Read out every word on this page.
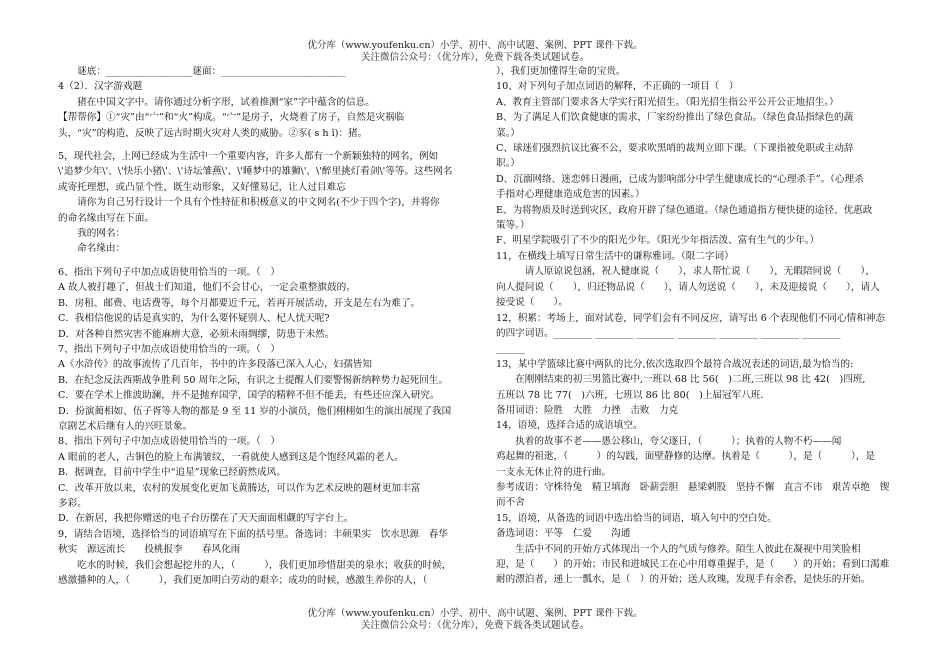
优分库（www.youfenku.cn）小学、初中、高中试题、案例、PPT 课件下载。
关注微信公众号：（优分库），免费下载各类试题试卷。

　　谜底：__________________谜面：__________________________

4（2）．汉字游戏题

　　猪在中国文字中。请你通过分析字形，试着推测“家”字中蕴含的信息。

【帮帮你】①“灾”由“宀”和“火”构成。“宀”是房子，火烧着了房子，自然是灾祸临

头，“灾”的构造，反映了远古时期火灾对人类的威胁。②豕( s h ǐ)：猪。

5，现代社会，上网已经成为生活中一个重要内容，许多人都有一个新颖独特的网名，例如

\'追梦少年\'、\'快乐小猪\'、\'诗坛雏燕\'、\'睡梦中的雄狮\'、\'醉里挑灯看剑\'等等。这些网名

或寄托理想，或凸显个性，既生动形象，又好懂易记，让人过目难忘

　　请你为自己另行设计一个具有个性特征和积极意义的中文网名(不少于四个字)，并将你

的命名缘由写在下面。

　　我的网名：

　　命名缘由：

6、指出下列句子中加点成语使用恰当的一项。（　）

A 故人被打趣了，但战士们知道，他们不会甘心，一定会重整旗鼓的。

B．房租、邮费、电话费等，每个月都要近千元，若再开展活动，开支是左右为难了。

C．我相信他说的话是真实的，为什么要怀疑别人、杞人忧天呢?

D．对各种自然灾害不能麻痹大意，必须未雨绸缪，防患于未然。

7、指出下列句子中加点成语使用恰当的一项。（　）

A《水浒传》的故事流传了几百年，书中的许多段落已深入人心，妇孺皆知

B．在纪念反法西斯战争胜利 50 周年之际，有识之士提醒人们要警惕新纳粹势力起死回生。

C．要在学术上推波助澜，并不是抛弃国学，国学的精粹不但不能丢，有些还应深入研究。

D．扮演蔺相如、伍子胥等人物的都是 9 至 11 岁的小演员，他们栩栩如生的演出展现了我国

京剧艺术后继有人的兴旺景象。

8、指出下列句子中加点成语使用恰当的一项。（　）

A 眼前的老人，古铜色的脸上布满皱纹，一看就使人感到这是个饱经风霜的老人。

B．据调查，目前中学生中“追星”现象已经蔚然成风。

C．改革开放以来，农村的发展变化更加飞黄腾达，可以作为艺术反映的题材更加丰富

多彩。

D．在新居，我把你赠送的电子台历摆在了天天面面相觑的写字台上。

9，请结合语境，选择恰当的词语填写在下面的括号里。备选词：丰硕果实　饮水思源　春华

秋实　源远流长　　投桃报李　　春风化雨

　　吃水的时候，我们会想起挖井的人，（　　　），我们更加珍惜甜美的泉水；收获的时候，

感激播种的人，（　　　），我们更加明白劳动的艰辛；成功的时候，感激生养你的人，（　　

），我们更加懂得生命的宝贵。

10、对下列句子加点词语的解释，不正确的一项目（　）

A、教育主管部门要求各大学实行阳光招生。（阳光招生指公平公开公正地招生。）

B、为了满足人们饮食健康的需求，厂家纷纷推出了绿色食品。（绿色食品指绿色的蔬

菜。）

C、球迷们强烈抗议比赛不公，要求吹黑哨的裁判立即下课。（下课指被免职或主动辞

职。）

D、沉溺网络、迷恋韩日漫画，已成为影响部分中学生健康成长的“心理杀手”。（心理杀

手指对心理健康造成危害的因素。）

E、为将物质及时送到灾区，政府开辟了绿色通道。（绿色通道指方便快捷的途径、优惠政

策等。）

F、明星学院吸引了不少的阳光少年。（阳光少年指活泼、富有生气的少年。）

11，在横线上填写日常生活中的谦称雅词。（限二字词）

　　　请人原谅说包涵，祝人健康说（　　），求人帮忙说（　　），无暇陪同说（　　），

向人提问说（　　），归还物品说（　　），请人勿送说（　　），未及迎接说（　　），请人

接受说（　　）。

12，积累：考场上，面对试卷，同学们会有不同反应，请写出 6 个表现他们不同心情和神态

的四字词语。________ ________ ________ ________ ________ ________ ________

______

13，某中学篮球比赛中两队的比分,依次选取四个最符合战况表述的词语,最为恰当的:

　　在刚刚结束的初三男篮比赛中,一班以 68 比 56(　)二班,三班以 98 比 42(　)四班,

五班以 78 比 77(　)六班，七班以 86 比 80(　)上届冠军八班．

备用词语：险胜　大胜　力挫　击败　力克

14，语境，选择合适的成语填空。

　　执着的故事不老——愚公移山，夸父逐日，（　　　）；执着的人物不朽——闻

鸡起舞的祖逖，（　　　）的勾践，面壁静修的达摩。执着是（　　　），是（　　　），是

一支永无休止符的进行曲。

参考成语：守株待兔　精卫填海　卧薪尝胆　悬梁刺股　坚持不懈　直言不讳　艰苦卓绝　锲

而不舍

15，语境，从备选的词语中选出恰当的词语，填入句中的空白处。

备选词语：平等　仁爱　　沟通

　　生活中不同的开始方式体现出一个人的气质与修养。陌生人彼此在凝视中用笑脸相

迎，是（　　）的开始；市民和进城民工在心中用尊重握手，是（　　）的开始；看到口渴难

耐的漂泊者，递上一瓢水，是（　）的开始；送人玫瑰，发现手有余香，是快乐的开始。

优分库（www.youfenku.cn）小学、初中、高中试题、案例、PPT 课件下载。
关注微信公众号：（优分库），免费下载各类试题试卷。
